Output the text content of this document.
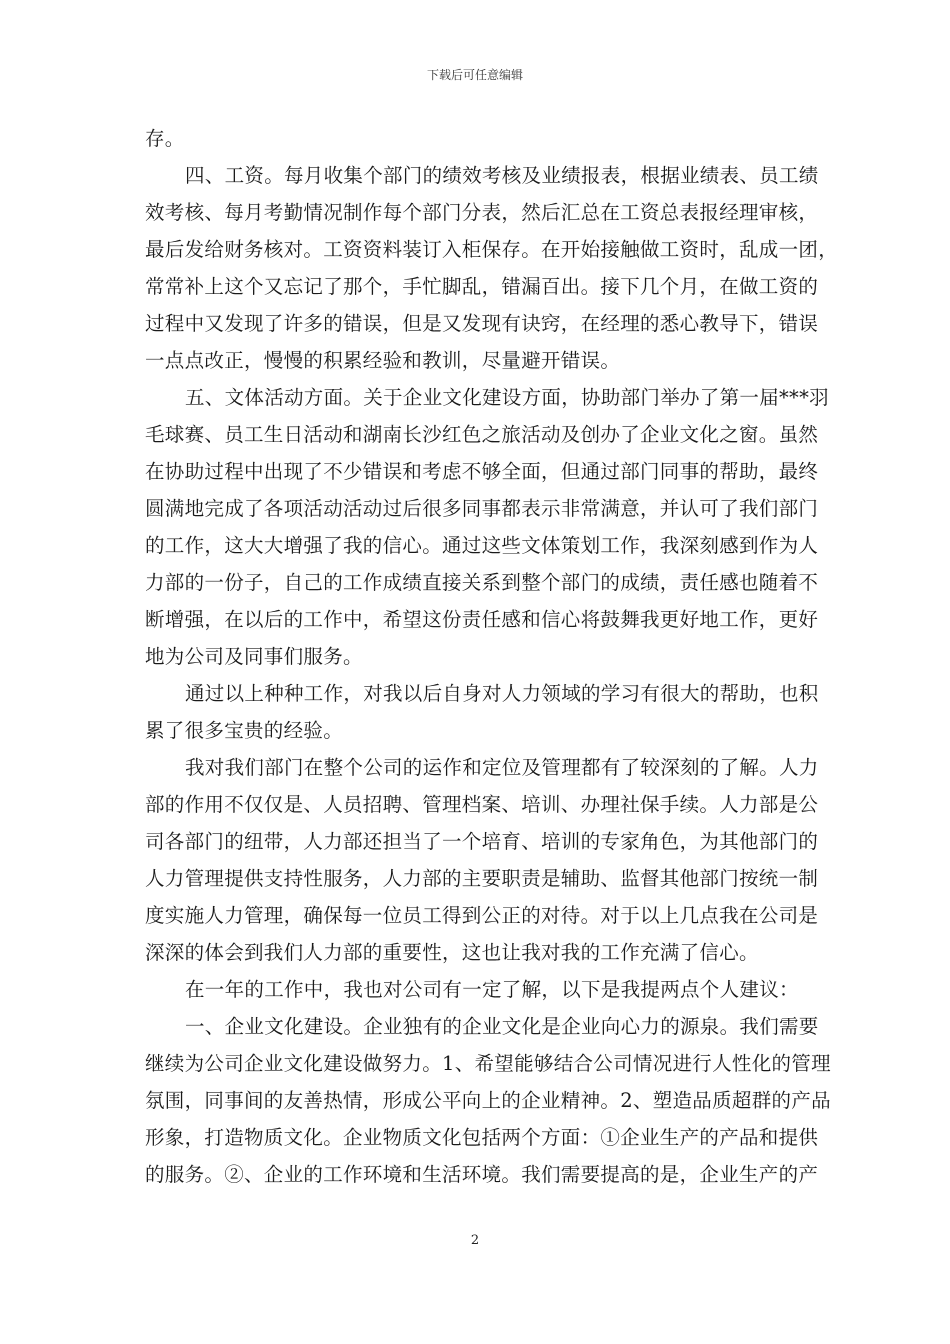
下载后可任意编辑
存。
四、工资。每月收集个部门的绩效考核及业绩报表，根据业绩表、员工绩
效考核、每月考勤情况制作每个部门分表，然后汇总在工资总表报经理审核，
最后发给财务核对。工资资料装订入柜保存。在开始接触做工资时，乱成一团，
常常补上这个又忘记了那个，手忙脚乱，错漏百出。接下几个月，在做工资的
过程中又发现了许多的错误，但是又发现有诀窍，在经理的悉心教导下，错误
一点点改正，慢慢的积累经验和教训，尽量避开错误。
五、文体活动方面。关于企业文化建设方面，协助部门举办了第一届***羽
毛球赛、员工生日活动和湖南长沙红色之旅活动及创办了企业文化之窗。虽然
在协助过程中出现了不少错误和考虑不够全面，但通过部门同事的帮助，最终
圆满地完成了各项活动活动过后很多同事都表示非常满意，并认可了我们部门
的工作，这大大增强了我的信心。通过这些文体策划工作，我深刻感到作为人
力部的一份子，自己的工作成绩直接关系到整个部门的成绩，责任感也随着不
断增强，在以后的工作中，希望这份责任感和信心将鼓舞我更好地工作，更好
地为公司及同事们服务。
通过以上种种工作，对我以后自身对人力领域的学习有很大的帮助，也积
累了很多宝贵的经验。
我对我们部门在整个公司的运作和定位及管理都有了较深刻的了解。人力
部的作用不仅仅是、人员招聘、管理档案、培训、办理社保手续。人力部是公
司各部门的纽带，人力部还担当了一个培育、培训的专家角色，为其他部门的
人力管理提供支持性服务，人力部的主要职责是辅助、监督其他部门按统一制
度实施人力管理，确保每一位员工得到公正的对待。对于以上几点我在公司是
深深的体会到我们人力部的重要性，这也让我对我的工作充满了信心。
在一年的工作中，我也对公司有一定了解，以下是我提两点个人建议：
一、企业文化建设。企业独有的企业文化是企业向心力的源泉。我们需要
继续为公司企业文化建设做努力。1、希望能够结合公司情况进行人性化的管理
氛围，同事间的友善热情，形成公平向上的企业精神。2、塑造品质超群的产品
形象，打造物质文化。企业物质文化包括两个方面：①企业生产的产品和提供
的服务。②、企业的工作环境和生活环境。我们需要提高的是，企业生产的产
2
